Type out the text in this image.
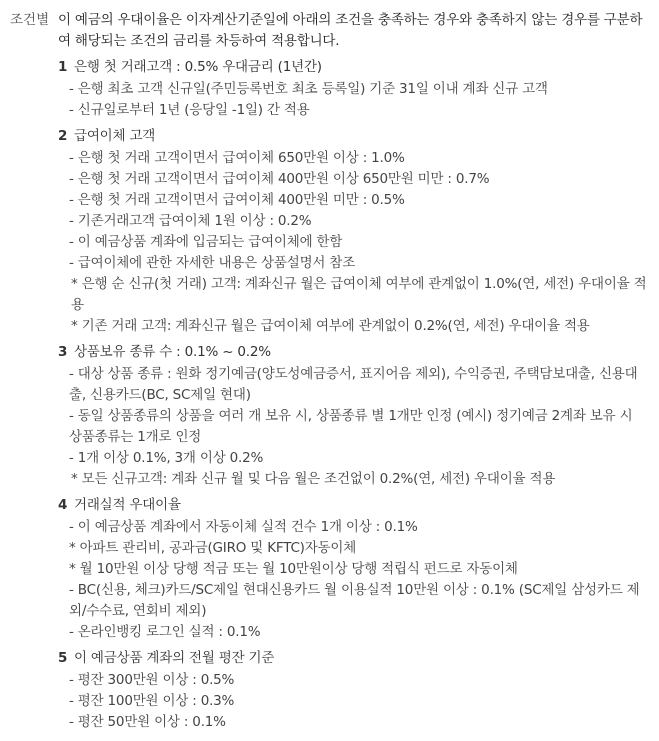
조건별 이 예금의 우대이율은 이자계산기준일에 아래의 조건을 충족하는 경우와 충족하지 않는 경우를 구분하여 해당되는 조건의 금리를 차등하여 적용합니다.
1 은행 첫 거래고객 : 0.5% 우대금리 (1년간)
- 은행 최초 고객 신규일(주민등록번호 최초 등록일) 기준 31일 이내 계좌 신규 고객
- 신규일로부터 1년 (응당일 -1일) 간 적용
2 급여이체 고객
- 은행 첫 거래 고객이면서 급여이체 650만원 이상 : 1.0%
- 은행 첫 거래 고객이면서 급여이체 400만원 이상 650만원 미만 : 0.7%
- 은행 첫 거래 고객이면서 급여이체 400만원 미만 : 0.5%
- 기존거래고객 급여이체 1원 이상 : 0.2%
- 이 예금상품 계좌에 입금되는 급여이체에 한함
- 급여이체에 관한 자세한 내용은 상품설명서 참조
* 은행 순 신규(첫 거래) 고객: 계좌신규 월은 급여이체 여부에 관계없이 1.0%(연, 세전) 우대이율 적용
* 기존 거래 고객: 계좌신규 월은 급여이체 여부에 관계없이 0.2%(연, 세전) 우대이율 적용
3 상품보유 종류 수 : 0.1% ~ 0.2%
- 대상 상품 종류 : 원화 정기예금(양도성예금증서, 표지어음 제외), 수익증권, 주택담보대출, 신용대출, 신용카드(BC, SC제일 현대)
- 동일 상품종류의 상품을 여러 개 보유 시, 상품종류 별 1개만 인정 (예시) 정기예금 2계좌 보유 시 상품종류는 1개로 인정
- 1개 이상 0.1%, 3개 이상 0.2%
* 모든 신규고객: 계좌 신규 월 및 다음 월은 조건없이 0.2%(연, 세전) 우대이율 적용
4 거래실적 우대이율
- 이 예금상품 계좌에서 자동이체 실적 건수 1개 이상 : 0.1%
* 아파트 관리비, 공과금(GIRO 및 KFTC)자동이체
* 월 10만원 이상 당행 적금 또는 월 10만원이상 당행 적립식 펀드로 자동이체
- BC(신용, 체크)카드/SC제일 현대신용카드 월 이용실적 10만원 이상 : 0.1% (SC제일 삼성카드 제외/수수료, 연회비 제외)
- 온라인뱅킹 로그인 실적 : 0.1%
5 이 예금상품 계좌의 전월 평잔 기준
- 평잔 300만원 이상 : 0.5%
- 평잔 100만원 이상 : 0.3%
- 평잔 50만원 이상 : 0.1%
